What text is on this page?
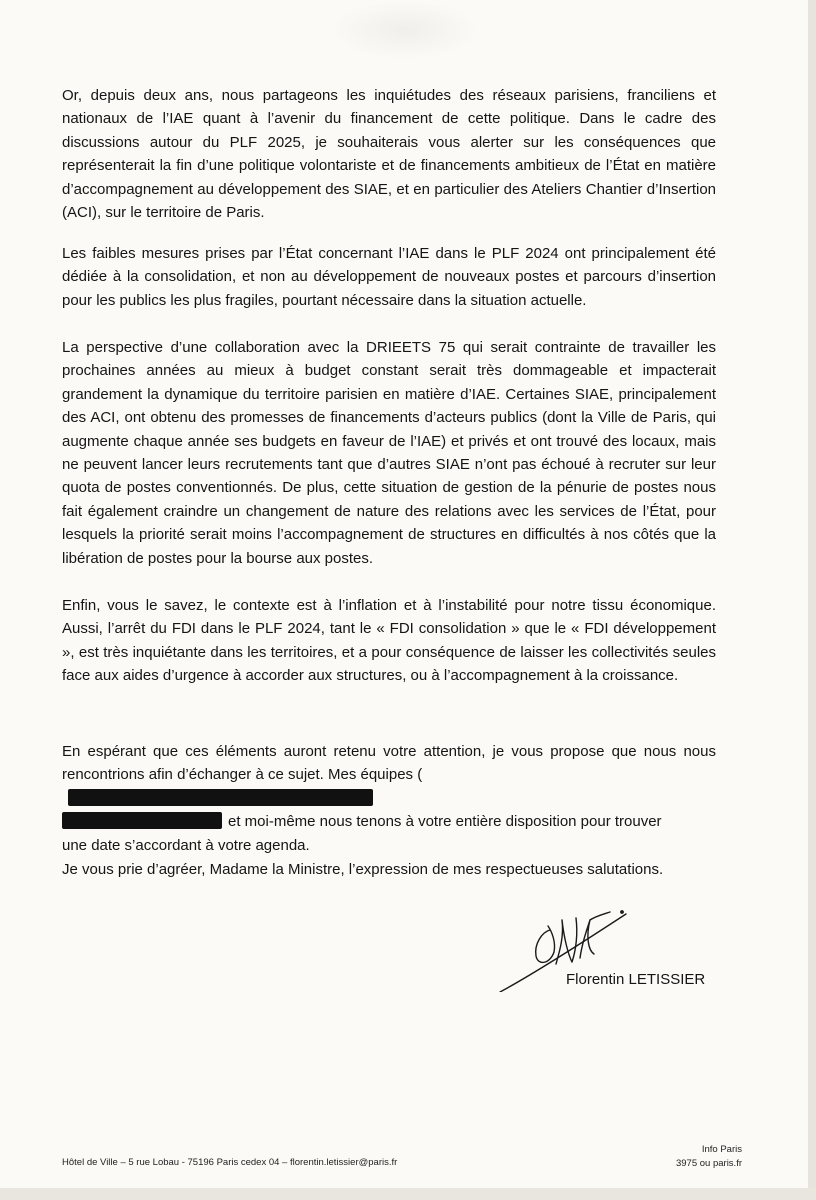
Or, depuis deux ans, nous partageons les inquiétudes des réseaux parisiens, franciliens et nationaux de l’IAE quant à l’avenir du financement de cette politique. Dans le cadre des discussions autour du PLF 2025, je souhaiterais vous alerter sur les conséquences que représenterait la fin d’une politique volontariste et de financements ambitieux de l’État en matière d’accompagnement au développement des SIAE, et en particulier des Ateliers Chantier d’Insertion (ACI), sur le territoire de Paris.

Les faibles mesures prises par l’État concernant l’IAE dans le PLF 2024 ont principalement été dédiée à la consolidation, et non au développement de nouveaux postes et parcours d’insertion pour les publics les plus fragiles, pourtant nécessaire dans la situation actuelle.

La perspective d’une collaboration avec la DRIEETS 75 qui serait contrainte de travailler les prochaines années au mieux à budget constant serait très dommageable et impacterait grandement la dynamique du territoire parisien en matière d’IAE. Certaines SIAE, principalement des ACI, ont obtenu des promesses de financements d’acteurs publics (dont la Ville de Paris, qui augmente chaque année ses budgets en faveur de l’IAE) et privés et ont trouvé des locaux, mais ne peuvent lancer leurs recrutements tant que d’autres SIAE n’ont pas échoué à recruter sur leur quota de postes conventionnés. De plus, cette situation de gestion de la pénurie de postes nous fait également craindre un changement de nature des relations avec les services de l’État, pour lesquels la priorité serait moins l’accompagnement de structures en difficultés à nos côtés que la libération de postes pour la bourse aux postes.

Enfin, vous le savez, le contexte est à l’inflation et à l’instabilité pour notre tissu économique. Aussi, l’arrêt du FDI dans le PLF 2024, tant le « FDI consolidation » que le « FDI développement », est très inquiétante dans les territoires, et a pour conséquence de laisser les collectivités seules face aux aides d’urgence à accorder aux structures, ou à l’accompagnement à la croissance.

En espérant que ces éléments auront retenu votre attention, je vous propose que nous nous
rencontrions afin d’échanger à ce sujet. Mes équipes (
et moi-même nous tenons à votre entière disposition pour trouver
une date s’accordant à votre agenda.

Je vous prie d’agréer, Madame la Ministre, l’expression de mes respectueuses salutations.

Florentin LETISSIER
Hôtel de Ville – 5 rue Lobau - 75196 Paris cedex 04 – florentin.letissier@paris.fr
Info Paris
3975 ou paris.fr
